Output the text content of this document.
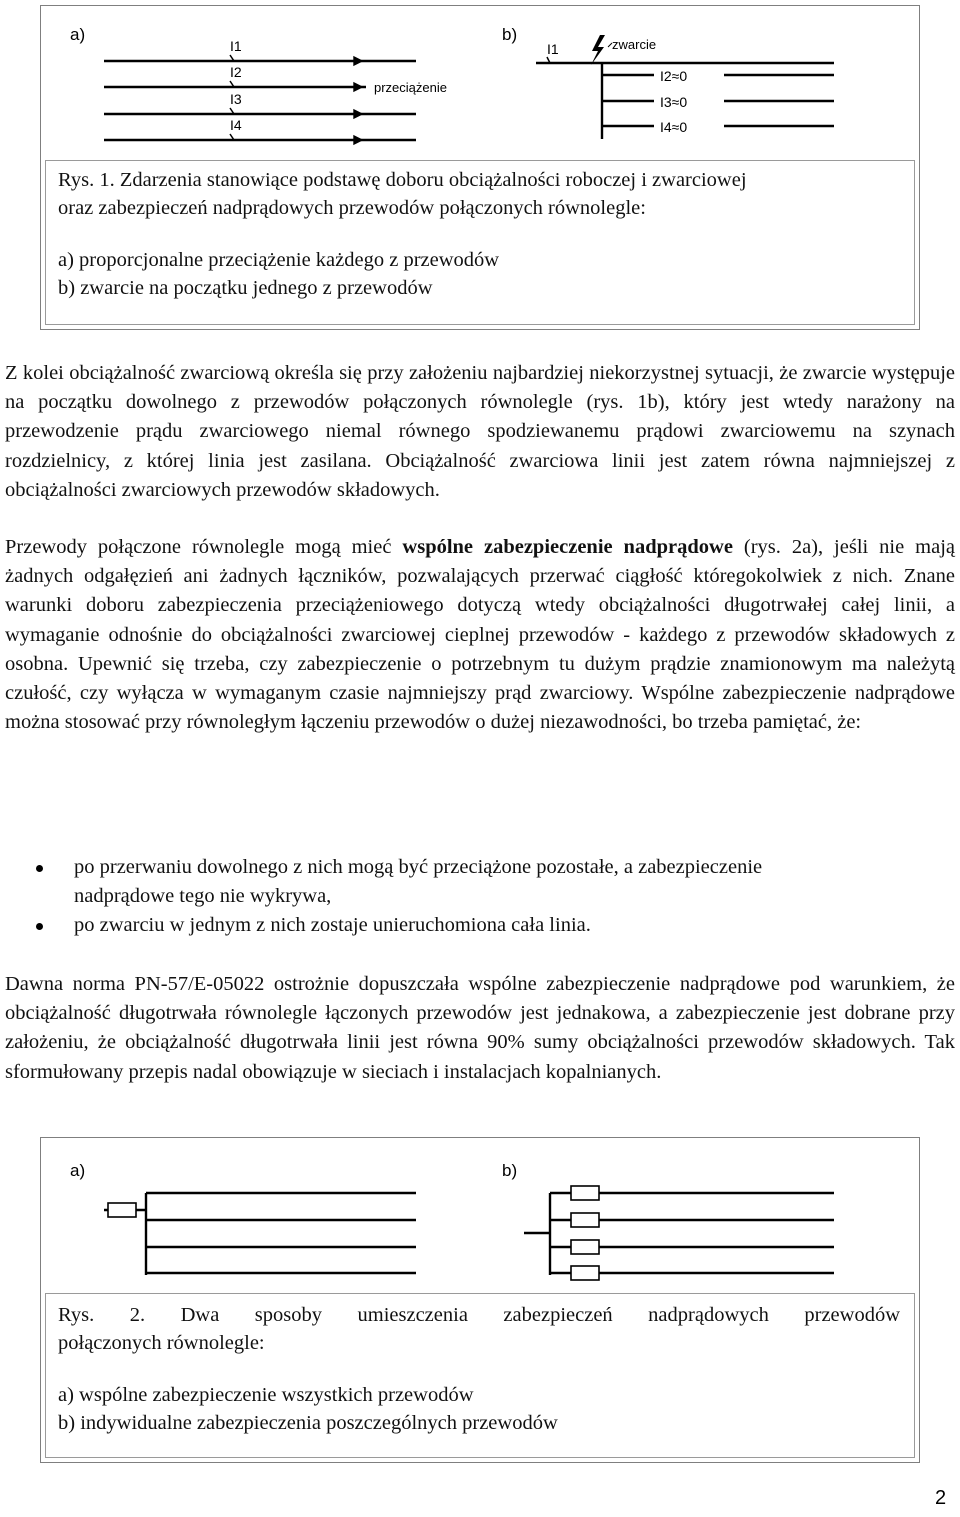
Rys. 1. Zdarzenia stanowiące podstawę doboru obciążalności roboczej i zwarciowej

oraz zabezpieczeń nadprądowych przewodów połączonych równolegle:

a) proporcjonalne przeciążenie każdego z przewodów

b) zwarcie na początku jednego z przewodów

a)
I1
I2
I3
I4
przeciążenie
b)
I1	zwarcie
I2≈0
I3≈0
I4≈0

Z kolei obciążalność zwarciową określa się przy założeniu najbardziej niekorzystnej sytuacji, że zwarcie występuje na początku dowolnego z przewodów połączonych równolegle (rys. 1b), który jest wtedy narażony na przewodzenie prądu zwarciowego niemal równego spodziewanemu prądowi zwarciowemu na szynach rozdzielnicy, z której linia jest zasilana. Obciążalność zwarciowa linii jest zatem równa najmniejszej z obciążalności zwarciowych przewodów składowych.

Przewody połączone równolegle mogą mieć wspólne zabezpieczenie nadprądowe (rys. 2a), jeśli nie mają żadnych odgałęzień ani żadnych łączników, pozwalających przerwać ciągłość któregokolwiek z nich. Znane warunki doboru zabezpieczenia przeciążeniowego dotyczą wtedy obciążalności długotrwałej całej linii, a wymaganie odnośnie do obciążalności zwarciowej cieplnej przewodów - każdego z przewodów składowych z osobna. Upewnić się trzeba, czy zabezpieczenie o potrzebnym tu dużym prądzie znamionowym ma należytą czułość, czy wyłącza w wymaganym czasie najmniejszy prąd zwarciowy. Wspólne zabezpieczenie nadprądowe można stosować przy równoległym łączeniu przewodów o dużej niezawodności, bo trzeba pamiętać, że:

po przerwaniu dowolnego z nich mogą być przeciążone pozostałe, a zabezpieczenie
nadprądowe tego nie wykrywa,
po zwarciu w jednym z nich zostaje unieruchomiona cała linia.

Dawna norma PN-57/E-05022 ostrożnie dopuszczała wspólne zabezpieczenie nadprądowe pod warunkiem, że obciążalność długotrwała równolegle łączonych przewodów jest jednakowa, a zabezpieczenie jest dobrane przy założeniu, że obciążalność długotrwała linii jest równa 90% sumy obciążalności przewodów składowych. Tak sformułowany przepis nadal obowiązuje w sieciach i instalacjach kopalnianych.

Rys. 2. Dwa sposoby umieszczenia zabezpieczeń nadprądowych przewodów

połączonych równolegle:

a) wspólne zabezpieczenie wszystkich przewodów

b) indywidualne zabezpieczenia poszczególnych przewodów

a)	b)
2
